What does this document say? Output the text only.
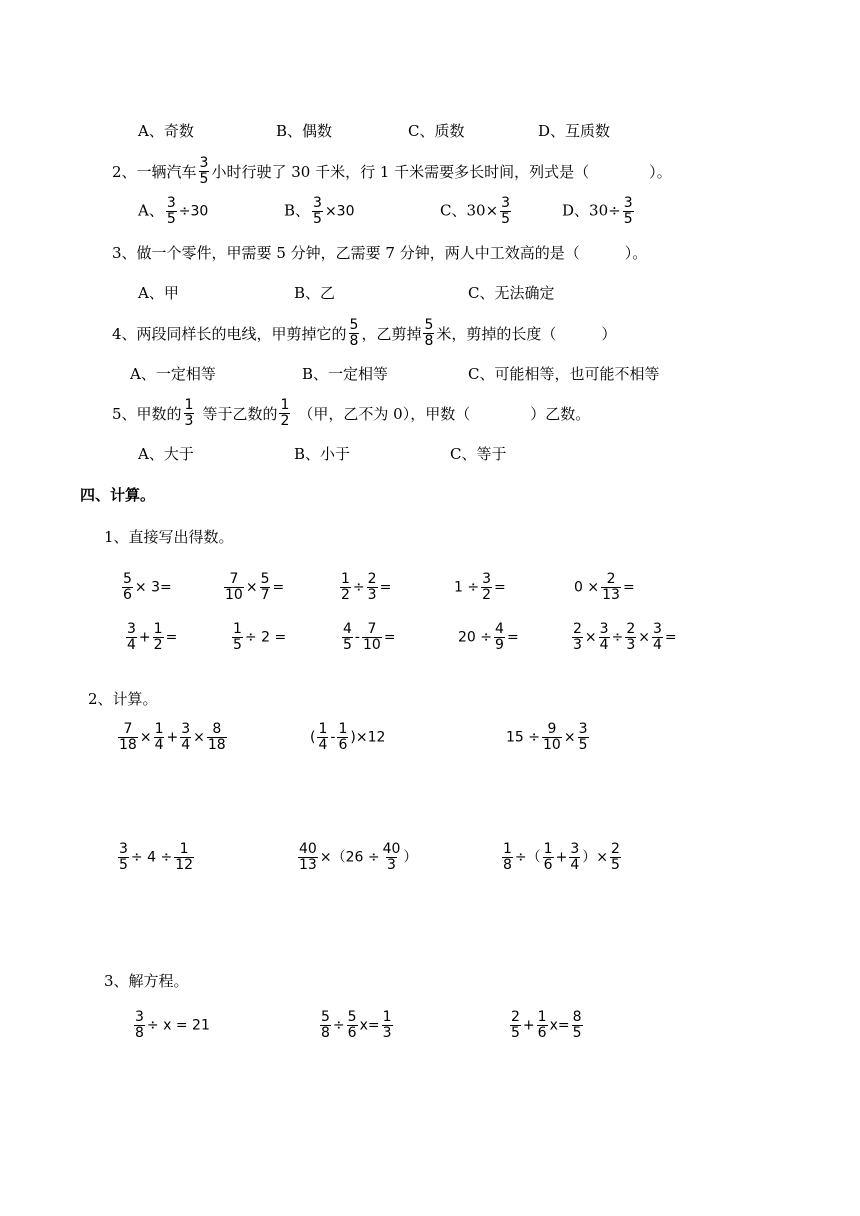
A、奇数	B、偶数	C、质数	D、互质数
2、一辆汽车 $\frac{3}{5}$ 小时行驶了 30 千米，行 1 千米需要多长时间，列式是（　　　　）。
A、 $\frac{3}{5} \div 30$	B、 $\frac{3}{5} \times 30$	C、$30\times \frac{3}{5}$	D、$30\div \frac{3}{5}$
3、做一个零件，甲需要 5 分钟，乙需要 7 分钟，两人中工效高的是（　　　）。
A、甲	B、乙	C、无法确定
4、两段同样长的电线，甲剪掉它的 $\frac{5}{8}$ ，乙剪掉 $\frac{5}{8}$ 米，剪掉的长度（　　　）
A、一定相等	B、一定相等	C、可能相等，也可能不相等
5、甲数的 $\frac{1}{3}$ 等于乙数的 $\frac{1}{2}$ （甲，乙不为 0），甲数（　　　　）乙数。
A、大于	B、小于	C、等于
四、计算。
1、直接写出得数。
$\frac{5}{6} \times 3=$	$\frac{7}{10} \times \frac{5}{7}$ =	$\frac{1}{2} \div \frac{2}{3}$ =	$1 \div \frac{3}{2}$ =	$0 \times \frac{2}{13}$ =
$\frac{3}{4} + \frac{1}{2}$ =	$\frac{1}{5} \div 2$ =	$\frac{4}{5} - \frac{7}{10}$ =	$20 \div \frac{4}{9}$ =	$\frac{2}{3} \times \frac{3}{4} \div \frac{2}{3} \times \frac{3}{4}$ =
2、计算。
$\frac{7}{18} \times \frac{1}{4} + \frac{3}{4} \times \frac{8}{18}$	( $\frac{1}{4} - \frac{1}{6} )\times 12$	$15 \div \frac{9}{10} \times \frac{3}{5}$
$\frac{3}{5} \div 4 \div \frac{1}{12}$	$\frac{40}{13} \times(26 \div \frac{40}{3}$ ）	$\frac{1}{8}$ ÷（ $\frac{1}{6} + \frac{3}{4}$ ）× $\frac{2}{5}$
3、解方程。
$\frac{3}{8} \div x = 21$	$\frac{5}{8} \div \frac{5}{6} x= \frac{1}{3}$	$\frac{2}{5} + \frac{1}{6} x= \frac{8}{5}$
